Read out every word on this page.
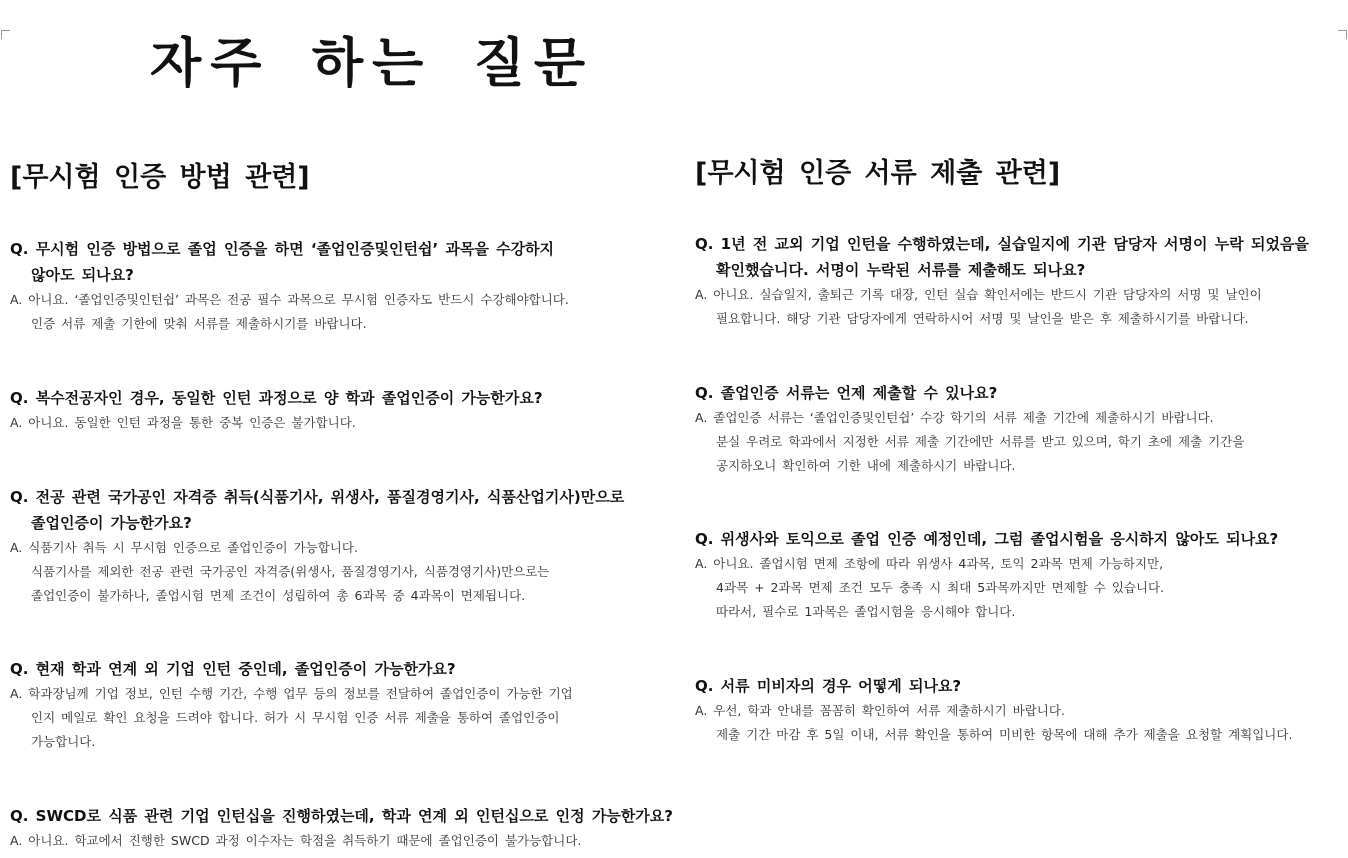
자주 하는 질문
[무시험 인증 방법 관련]

Q. 무시험 인증 방법으로 졸업 인증을 하면 ‘졸업인증및인턴쉽’ 과목을 수강하지
않아도 되나요?

A. 아니요. ‘졸업인증및인턴쉽’ 과목은 전공 필수 과목으로 무시험 인증자도 반드시 수강해야합니다.
인증 서류 제출 기한에 맞춰 서류를 제출하시기를 바랍니다.

Q. 복수전공자인 경우, 동일한 인턴 과정으로 양 학과 졸업인증이 가능한가요?

A. 아니요. 동일한 인턴 과정을 통한 중복 인증은 불가합니다.

Q. 전공 관련 국가공인 자격증 취득(식품기사, 위생사, 품질경영기사, 식품산업기사)만으로
졸업인증이 가능한가요?

A. 식품기사 취득 시 무시험 인증으로 졸업인증이 가능합니다.
식품기사를 제외한 전공 관련 국가공인 자격증(위생사, 품질경영기사, 식품경영기사)만으로는
졸업인증이 불가하나, 졸업시험 면제 조건이 성립하여 총 6과목 중 4과목이 면제됩니다.

Q. 현재 학과 연계 외 기업 인턴 중인데, 졸업인증이 가능한가요?

A. 학과장님께 기업 정보, 인턴 수행 기간, 수행 업무 등의 정보를 전달하여 졸업인증이 가능한 기업
인지 메일로 확인 요청을 드려야 합니다. 허가 시 무시험 인증 서류 제출을 통하여 졸업인증이
가능합니다.

Q. SWCD로 식품 관련 기업 인턴십을 진행하였는데, 학과 연계 외 인턴십으로 인정 가능한가요?

A. 아니요. 학교에서 진행한 SWCD 과정 이수자는 학점을 취득하기 때문에 졸업인증이 불가능합니다.

[무시험 인증 서류 제출 관련]

Q. 1년 전 교외 기업 인턴을 수행하였는데, 실습일지에 기관 담당자 서명이 누락 되었음을
확인했습니다. 서명이 누락된 서류를 제출해도 되나요?

A. 아니요. 실습일지, 출퇴근 기록 대장, 인턴 실습 확인서에는 반드시 기관 담당자의 서명 및 날인이
필요합니다. 해당 기관 담당자에게 연락하시어 서명 및 날인을 받은 후 제출하시기를 바랍니다.

Q. 졸업인증 서류는 언제 제출할 수 있나요?

A. 졸업인증 서류는 ‘졸업인증및인턴쉽’ 수강 학기의 서류 제출 기간에 제출하시기 바랍니다.
분실 우려로 학과에서 지정한 서류 제출 기간에만 서류를 받고 있으며, 학기 초에 제출 기간을
공지하오니 확인하여 기한 내에 제출하시기 바랍니다.

Q. 위생사와 토익으로 졸업 인증 예정인데, 그럼 졸업시험을 응시하지 않아도 되나요?

A. 아니요. 졸업시험 면제 조항에 따라 위생사 4과목, 토익 2과목 면제 가능하지만,
4과목 + 2과목 면제 조건 모두 충족 시 최대 5과목까지만 면제할 수 있습니다.
따라서, 필수로 1과목은 졸업시험을 응시해야 합니다.

Q. 서류 미비자의 경우 어떻게 되나요?

A. 우선, 학과 안내를 꼼꼼히 확인하여 서류 제출하시기 바랍니다.
제출 기간 마감 후 5일 이내, 서류 확인을 통하여 미비한 항목에 대해 추가 제출을 요청할 계획입니다.
